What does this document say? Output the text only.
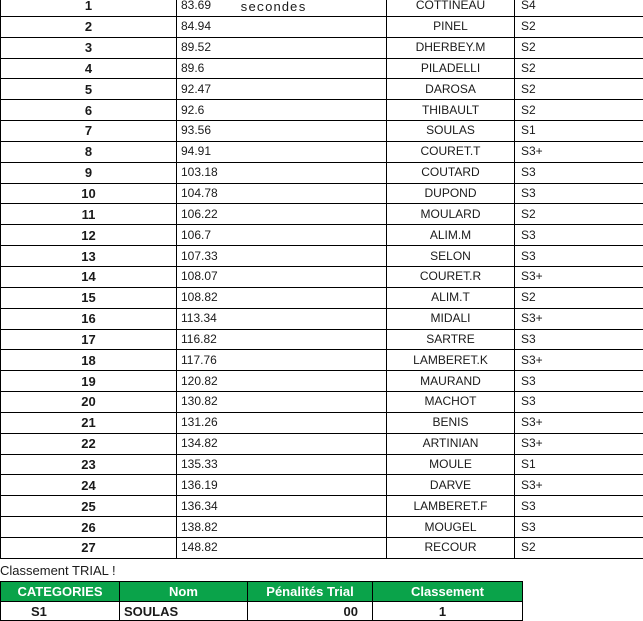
1	83.69	COTTINEAU	S4
2	84.94	PINEL	S2
3	89.52	DHERBEY.M	S2
4	89.6	PILADELLI	S2
5	92.47	DAROSA	S2
6	92.6	THIBAULT	S2
7	93.56	SOULAS	S1
8	94.91	COURET.T	S3+
9	103.18	COUTARD	S3
10	104.78	DUPOND	S3
11	106.22	MOULARD	S2
12	106.7	ALIM.M	S3
13	107.33	SELON	S3
14	108.07	COURET.R	S3+
15	108.82	ALIM.T	S2
16	113.34	MIDALI	S3+
17	116.82	SARTRE	S3
18	117.76	LAMBERET.K	S3+
19	120.82	MAURAND	S3
20	130.82	MACHOT	S3
21	131.26	BENIS	S3+
22	134.82	ARTINIAN	S3+
23	135.33	MOULE	S1
24	136.19	DARVE	S3+
25	136.34	LAMBERET.F	S3
26	138.82	MOUGEL	S3
27	148.82	RECOUR	S2
secondes
Classement TRIAL !
CATEGORIES	Nom	Pénalités Trial	Classement
S1	SOULAS	00	1
